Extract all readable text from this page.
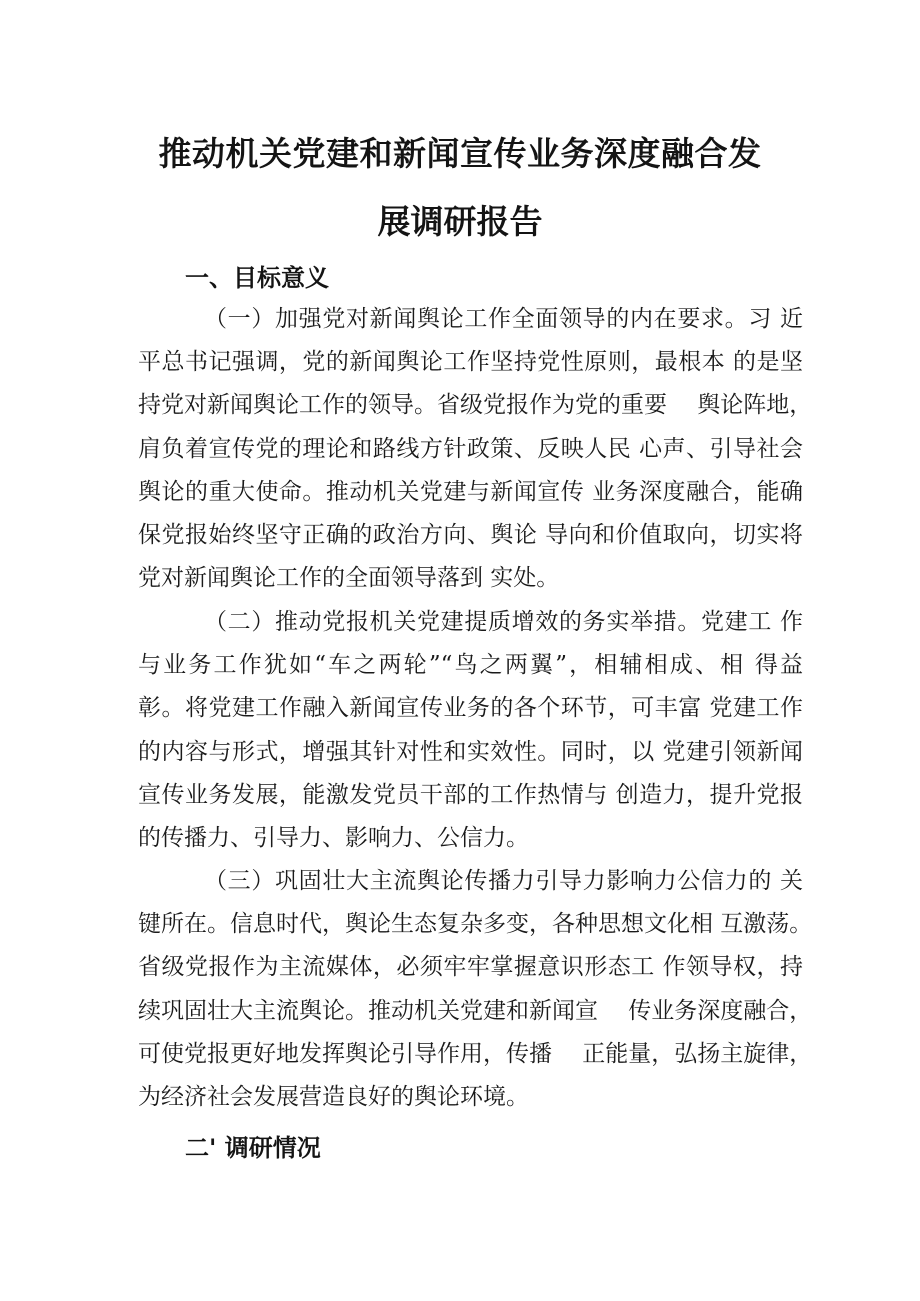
推动机关党建和新闻宣传业务深度融合发
展调研报告
一、目标意义
（一）加强党对新闻舆论工作全面领导的内在要求。习 近
平总书记强调，党的新闻舆论工作坚持党性原则，最根本 的是坚
持党对新闻舆论工作的领导。省级党报作为党的重要　 舆论阵地，
肩负着宣传党的理论和路线方针政策、反映人民 心声、引导社会
舆论的重大使命。推动机关党建与新闻宣传 业务深度融合，能确
保党报始终坚守正确的政治方向、舆论 导向和价值取向，切实将
党对新闻舆论工作的全面领导落到 实处。
（二）推动党报机关党建提质增效的务实举措。党建工 作
与业务工作犹如“车之两轮”“鸟之两翼”，相辅相成、相 得益
彰。将党建工作融入新闻宣传业务的各个环节，可丰富 党建工作
的内容与形式，增强其针对性和实效性。同时，以 党建引领新闻
宣传业务发展，能激发党员干部的工作热情与 创造力，提升党报
的传播力、引导力、影响力、公信力。
（三）巩固壮大主流舆论传播力引导力影响力公信力的 关
键所在。信息时代，舆论生态复杂多变，各种思想文化相 互激荡。
省级党报作为主流媒体，必须牢牢掌握意识形态工 作领导权，持
续巩固壮大主流舆论。推动机关党建和新闻宣　 传业务深度融合，
可使党报更好地发挥舆论引导作用，传播　 正能量，弘扬主旋律，
为经济社会发展营造良好的舆论环境。
二' 调研情况
